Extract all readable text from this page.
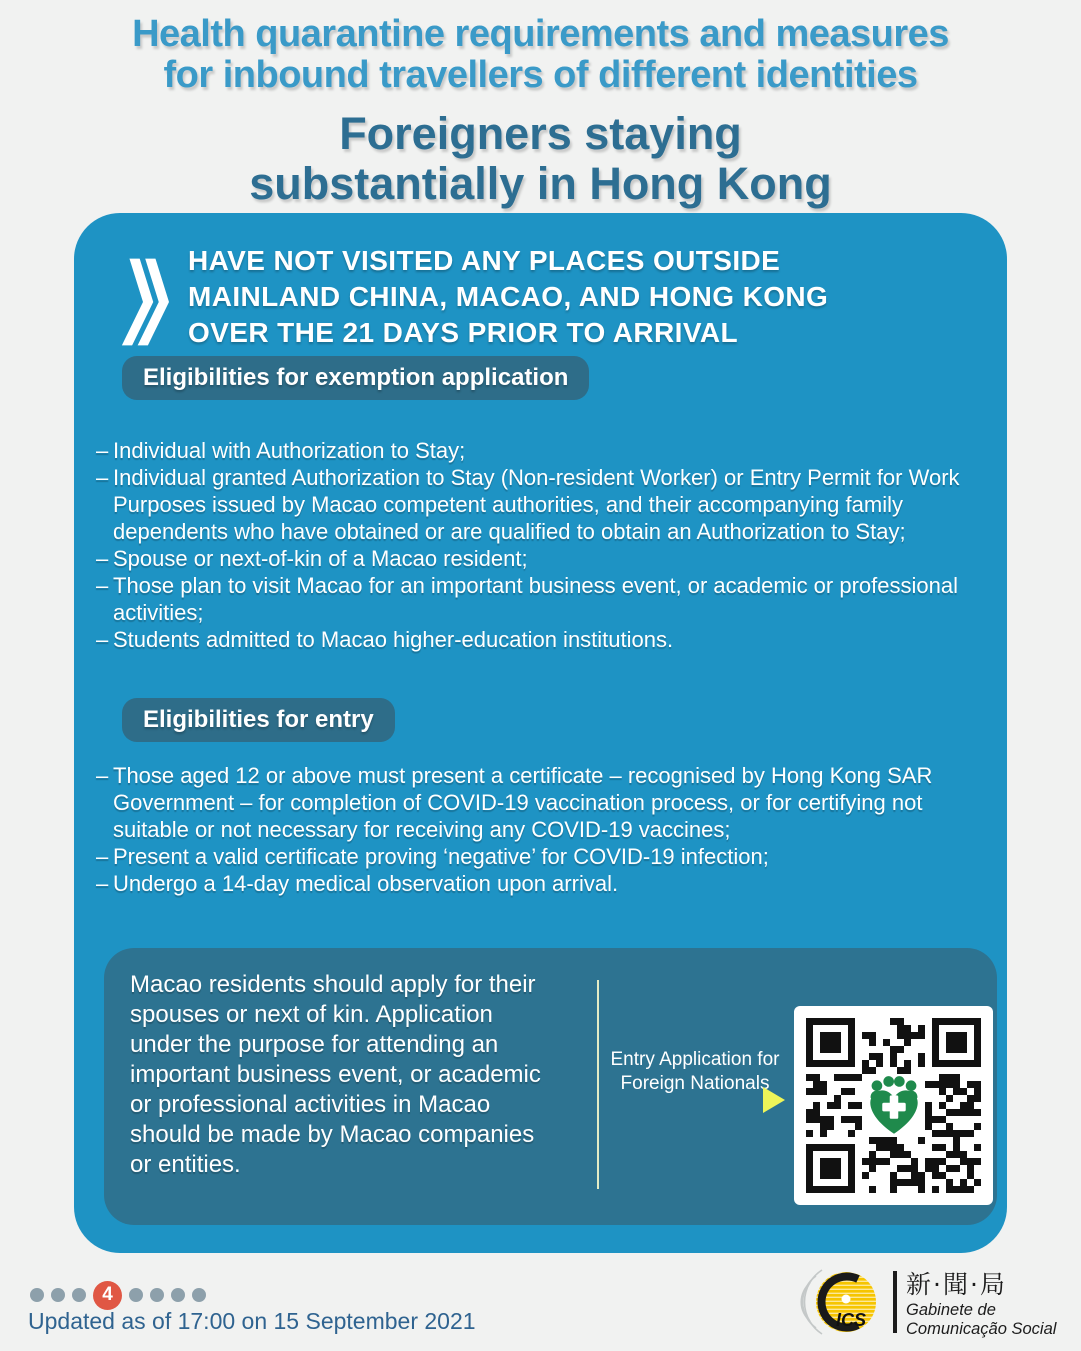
Health quarantine requirements and measures
for inbound travellers of different identities
Foreigners staying
substantially in Hong Kong
HAVE NOT VISITED ANY PLACES OUTSIDE
MAINLAND CHINA, MACAO, AND HONG KONG
OVER THE 21 DAYS PRIOR TO ARRIVAL
Eligibilities for exemption application
– Individual with Authorization to Stay;
– Individual granted Authorization to Stay (Non-resident Worker) or Entry Permit for Work Purposes issued by Macao competent authorities, and their accompanying family dependents who have obtained or are qualified to obtain an Authorization to Stay;
– Spouse or next-of-kin of a Macao resident;
– Those plan to visit Macao for an important business event, or academic or professional activities;
– Students admitted to Macao higher-education institutions.
Eligibilities for entry
– Those aged 12 or above must present a certificate – recognised by Hong Kong SAR Government – for completion of COVID-19 vaccination process, or for certifying not suitable or not necessary for receiving any COVID-19 vaccines;
– Present a valid certificate proving ‘negative’ for COVID-19 infection;
– Undergo a 14-day medical observation upon arrival.

Macao residents should apply for their spouses or next of kin. Application under the purpose for attending an important business event, or academic or professional activities in Macao should be made by Macao companies or entities.

Entry Application for Foreign Nationals
4
Updated as of 17:00 on 15 September 2021	ICS
新·聞·局
Gabinete de
Comunicação Social
